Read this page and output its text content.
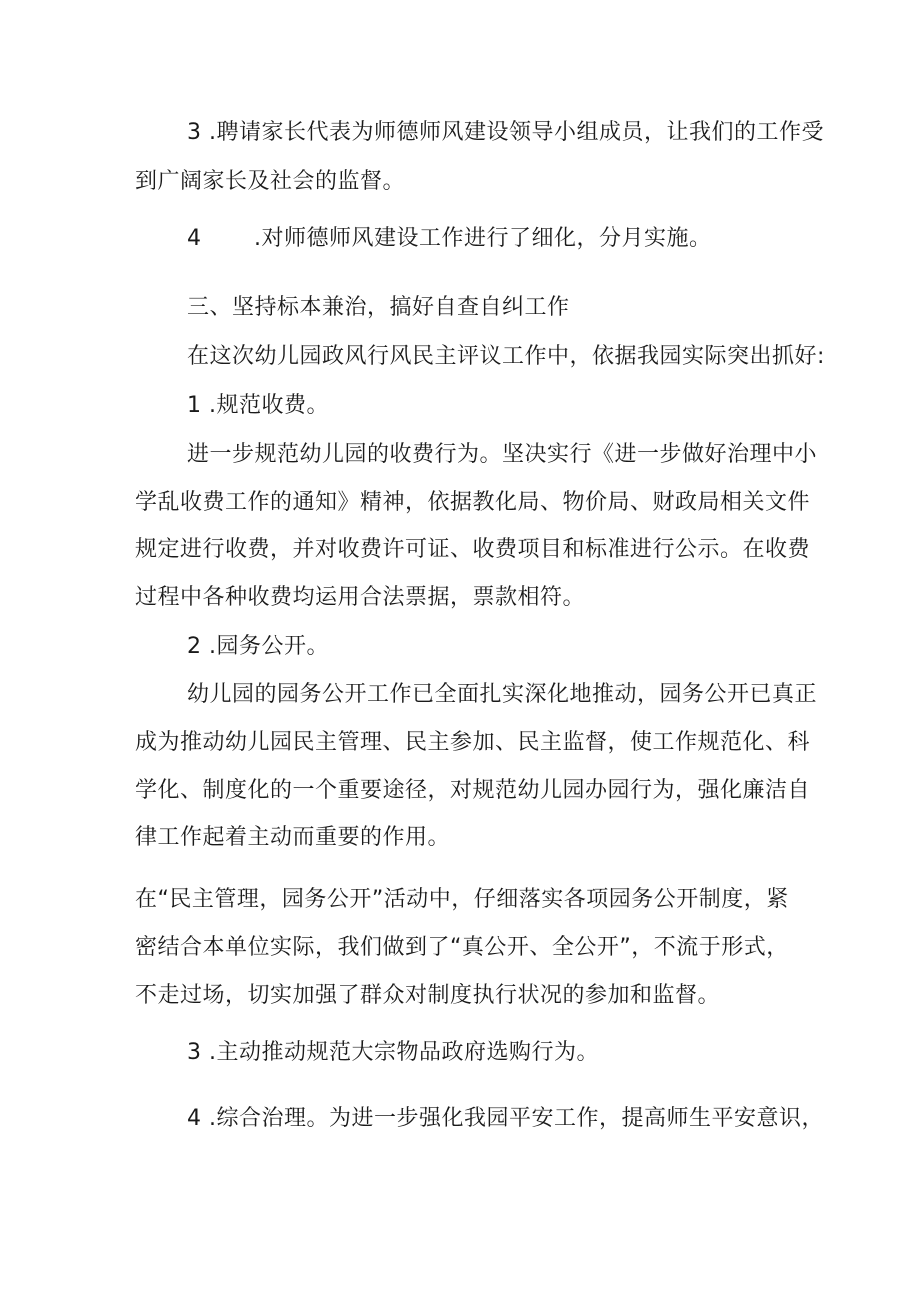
3 .聘请家长代表为师德师风建设领导小组成员，让我们的工作受
到广阔家长及社会的监督。
4       .对师德师风建设工作进行了细化，分月实施。
三、坚持标本兼治，搞好自查自纠工作
在这次幼儿园政风行风民主评议工作中，依据我园实际突出抓好:
1 .规范收费。
进一步规范幼儿园的收费行为。坚决实行《进一步做好治理中小
学乱收费工作的通知》精神，依据教化局、物价局、财政局相关文件
规定进行收费，并对收费许可证、收费项目和标准进行公示。在收费
过程中各种收费均运用合法票据，票款相符。
2 .园务公开。
幼儿园的园务公开工作已全面扎实深化地推动，园务公开已真正
成为推动幼儿园民主管理、民主参加、民主监督，使工作规范化、科
学化、制度化的一个重要途径，对规范幼儿园办园行为，强化廉洁自
律工作起着主动而重要的作用。
在“民主管理，园务公开”活动中，仔细落实各项园务公开制度，紧
密结合本单位实际，我们做到了“真公开、全公开”，不流于形式，
不走过场，切实加强了群众对制度执行状况的参加和监督。
3 .主动推动规范大宗物品政府选购行为。
4 .综合治理。为进一步强化我园平安工作，提高师生平安意识，
